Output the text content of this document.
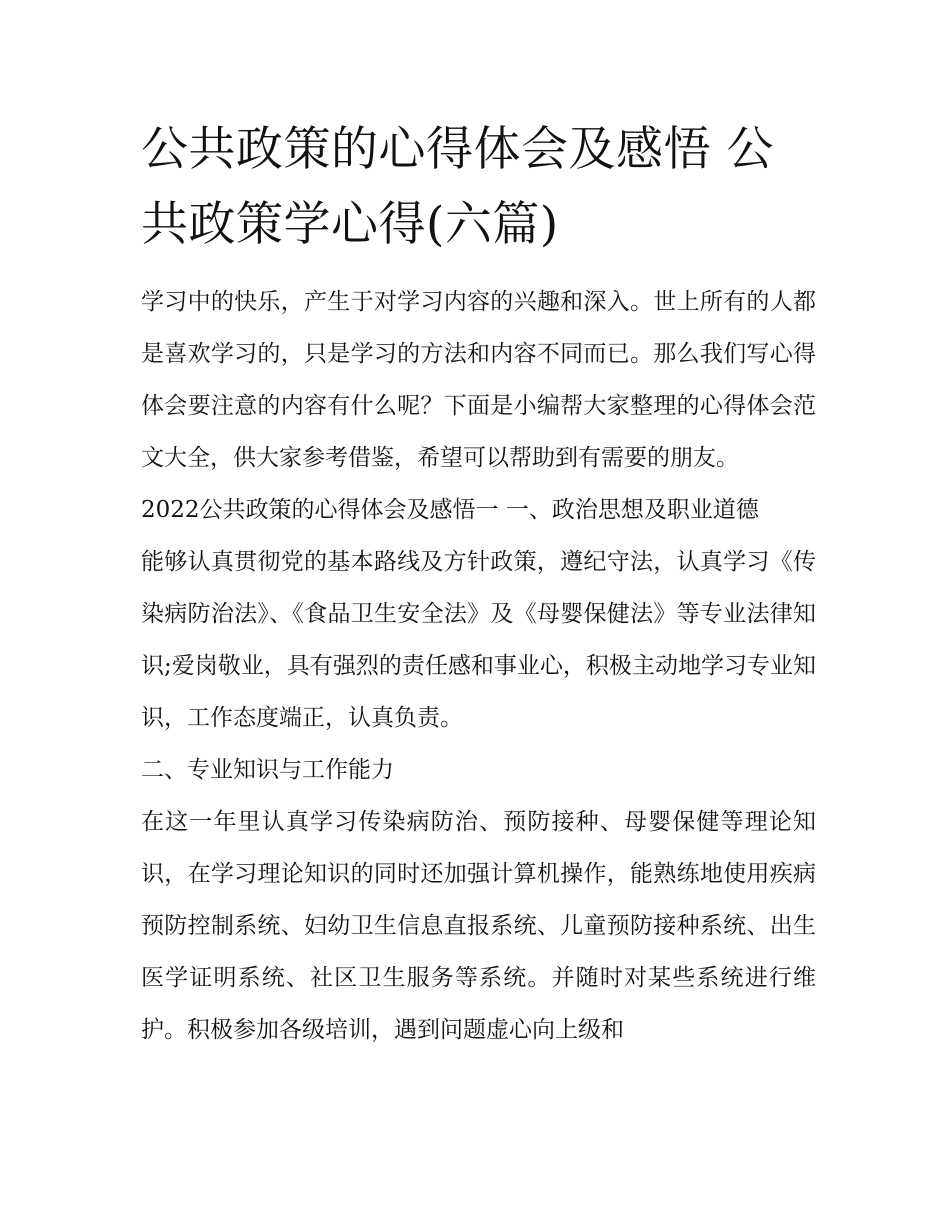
公共政策的心得体会及感悟 公共政策学心得(六篇)

学习中的快乐，产生于对学习内容的兴趣和深入。世上所有的人都是喜欢学习的，只是学习的方法和内容不同而已。那么我们写心得体会要注意的内容有什么呢？下面是小编帮大家整理的心得体会范文大全，供大家参考借鉴，希望可以帮助到有需要的朋友。

2022公共政策的心得体会及感悟一 一、政治思想及职业道德

能够认真贯彻党的基本路线及方针政策，遵纪守法，认真学习《传染病防治法》、《食品卫生安全法》及《母婴保健法》等专业法律知识;爱岗敬业，具有强烈的责任感和事业心，积极主动地学习专业知识，工作态度端正，认真负责。

二、专业知识与工作能力

在这一年里认真学习传染病防治、预防接种、母婴保健等理论知识，在学习理论知识的同时还加强计算机操作，能熟练地使用疾病预防控制系统、妇幼卫生信息直报系统、儿童预防接种系统、出生医学证明系统、社区卫生服务等系统。并随时对某些系统进行维护。积极参加各级培训，遇到问题虚心向上级和
